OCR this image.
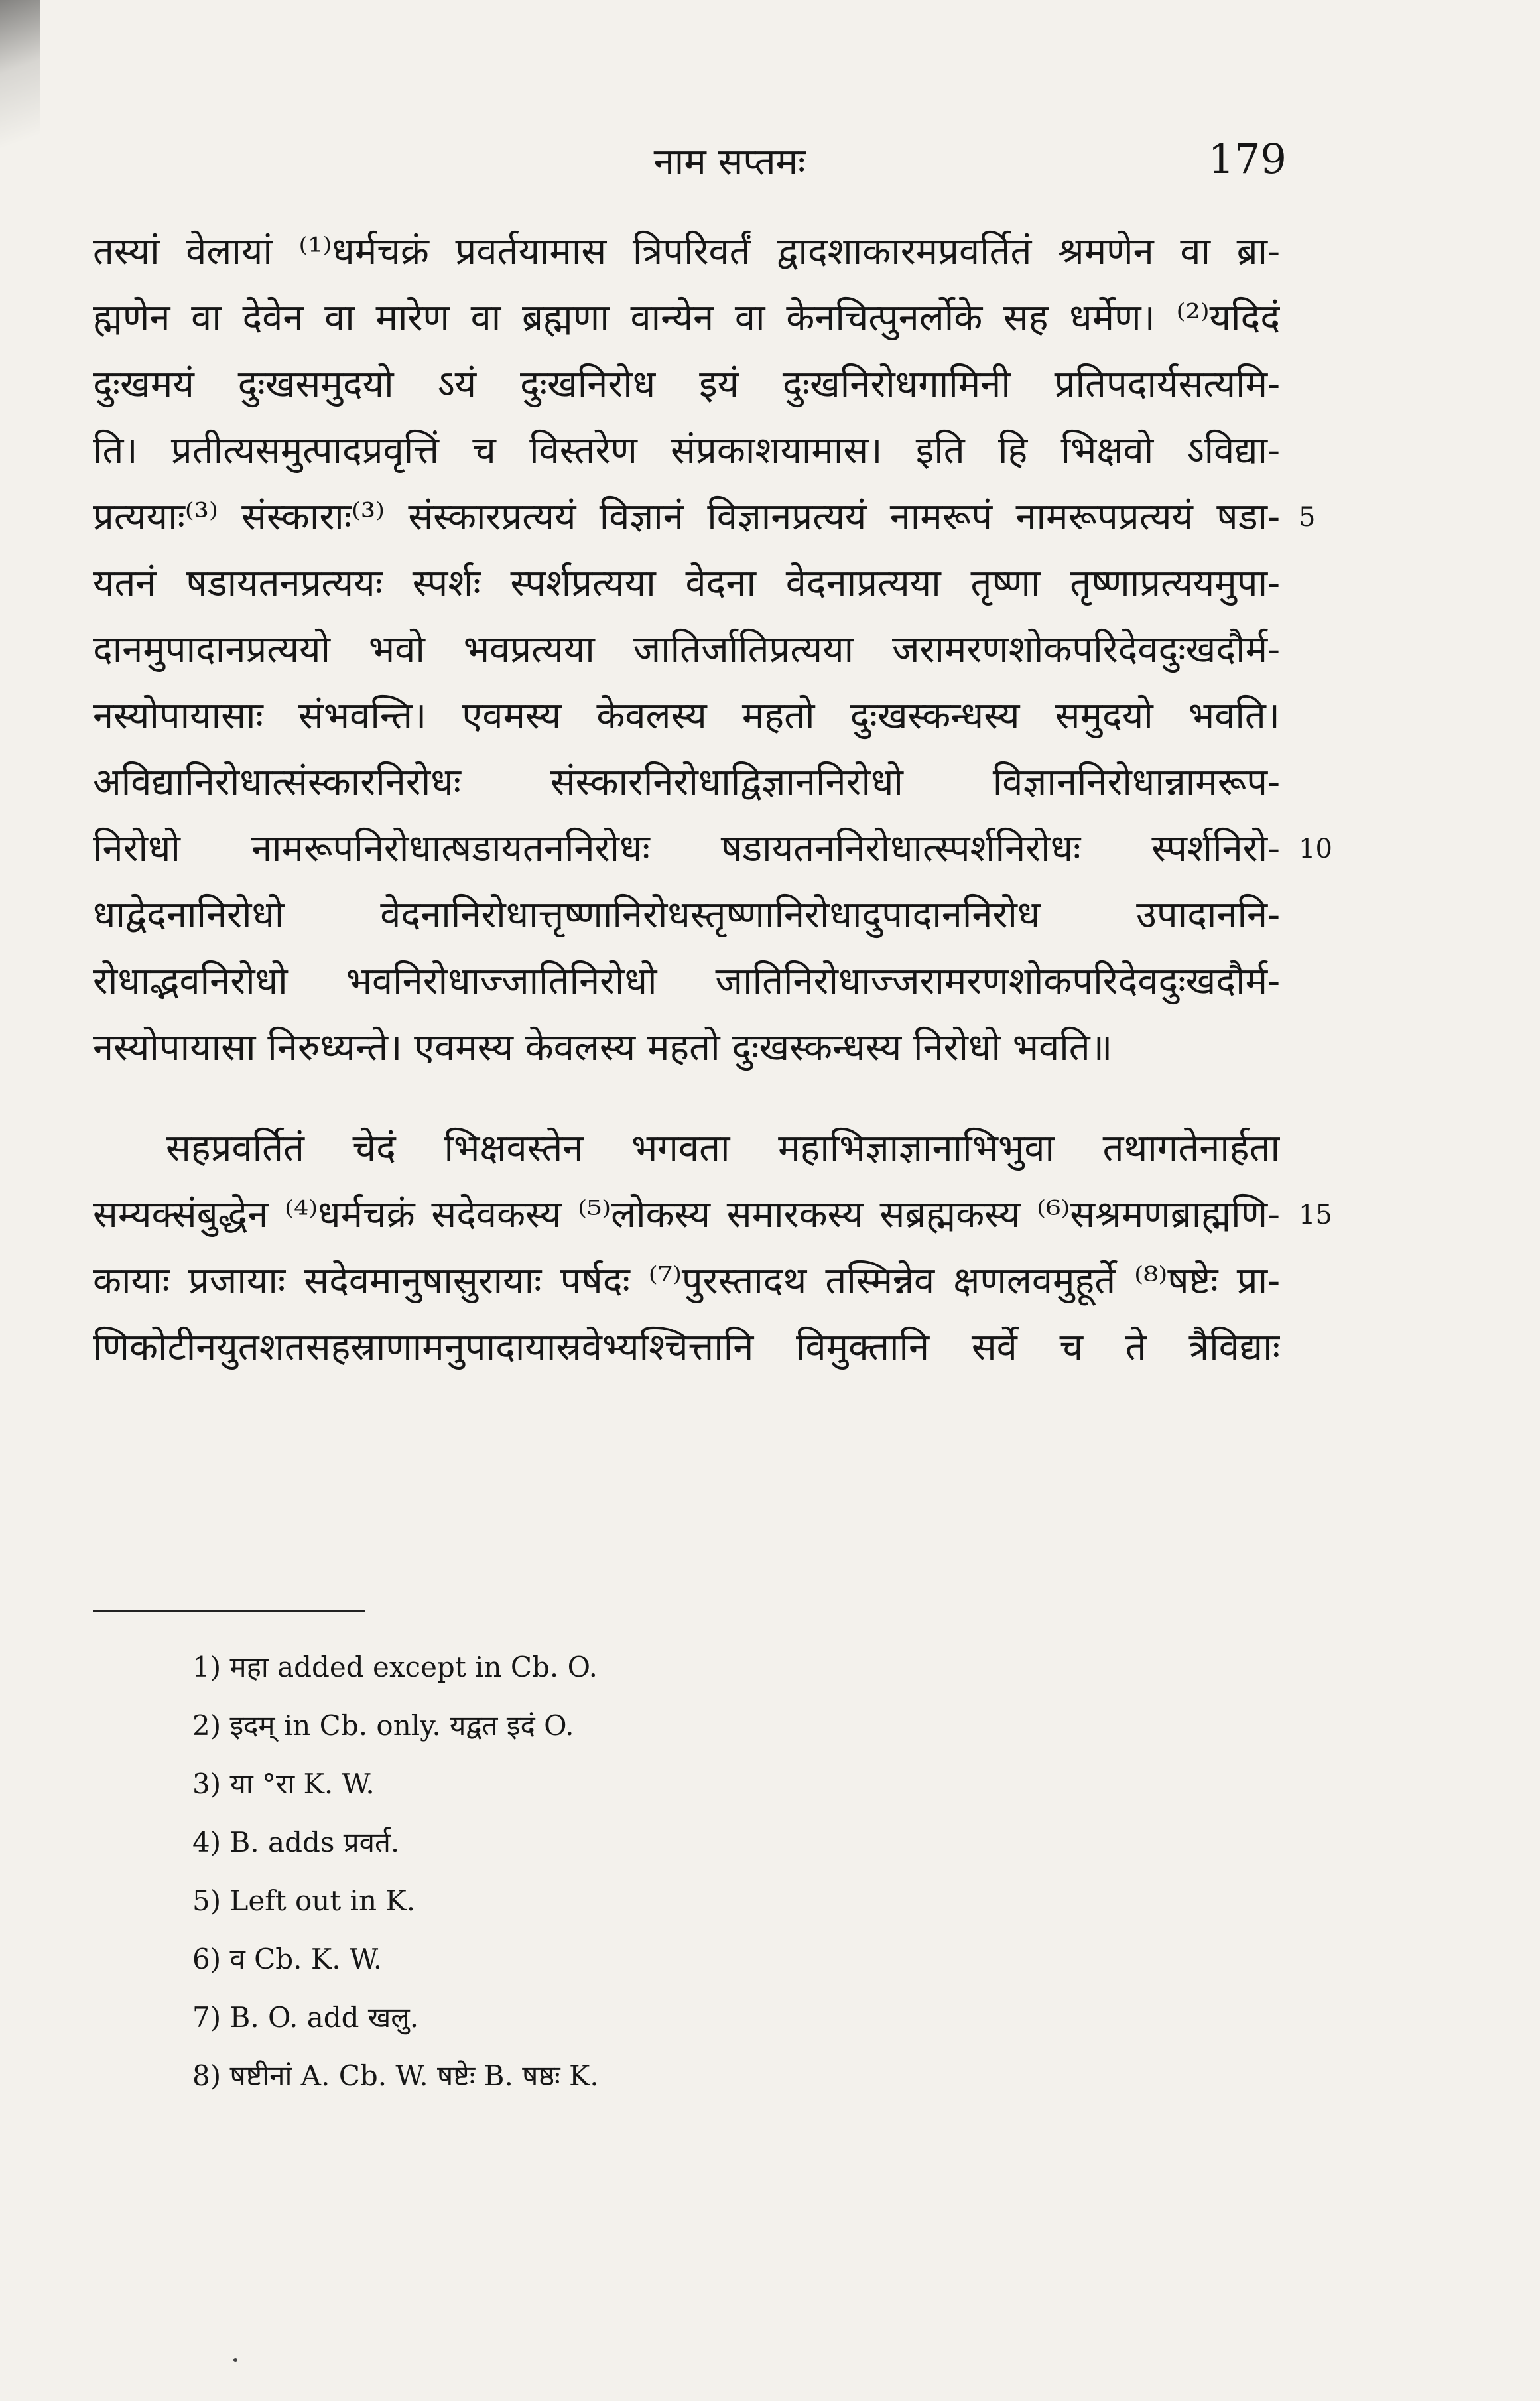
नाम सप्तमः	179
तस्यां वेलायां ⁽¹⁾धर्मचक्रं प्रवर्तयामास त्रिपरिवर्तं द्वादशाकारमप्रवर्तितं श्रमणेन वा ब्रा-
ह्मणेन वा देवेन वा मारेण वा ब्रह्मणा वान्येन वा केनचित्पुनर्लोके सह धर्मेण। ⁽²⁾यदिदं
दुःखमयं दुःखसमुदयो ऽयं दुःखनिरोध इयं दुःखनिरोधगामिनी प्रतिपदार्यसत्यमि-
ति। प्रतीत्यसमुत्पादप्रवृत्तिं च विस्तरेण संप्रकाशयामास। इति हि भिक्षवो ऽविद्या-
प्रत्ययाः⁽³⁾ संस्काराः⁽³⁾ संस्कारप्रत्ययं विज्ञानं विज्ञानप्रत्ययं नामरूपं नामरूपप्रत्ययं षडा-
यतनं षडायतनप्रत्ययः स्पर्शः स्पर्शप्रत्यया वेदना वेदनाप्रत्यया तृष्णा तृष्णाप्रत्ययमुपा-
दानमुपादानप्रत्ययो भवो भवप्रत्यया जातिर्जातिप्रत्यया जरामरणशोकपरिदेवदुःखदौर्म-
नस्योपायासाः संभवन्ति। एवमस्य केवलस्य महतो दुःखस्कन्धस्य समुदयो भवति।
अविद्यानिरोधात्संस्कारनिरोधः संस्कारनिरोधाद्विज्ञाननिरोधो विज्ञाननिरोधान्नामरूप-
निरोधो नामरूपनिरोधात्षडायतननिरोधः षडायतननिरोधात्स्पर्शनिरोधः स्पर्शनिरो-
धाद्वेदनानिरोधो वेदनानिरोधात्तृष्णानिरोधस्तृष्णानिरोधादुपादाननिरोध उपादाननि-
रोधाद्भवनिरोधो भवनिरोधाज्जातिनिरोधो जातिनिरोधाज्जरामरणशोकपरिदेवदुःखदौर्म-
नस्योपायासा निरुध्यन्ते। एवमस्य केवलस्य महतो दुःखस्कन्धस्य निरोधो भवति॥
सहप्रवर्तितं चेदं भिक्षवस्तेन भगवता महाभिज्ञाज्ञानाभिभुवा तथागतेनार्हता
सम्यक्संबुद्धेन ⁽⁴⁾धर्मचक्रं सदेवकस्य ⁽⁵⁾लोकस्य समारकस्य सब्रह्मकस्य ⁽⁶⁾सश्रमणब्राह्मणि-
कायाः प्रजायाः सदेवमानुषासुरायाः पर्षदः ⁽⁷⁾पुरस्तादथ तस्मिन्नेव क्षणलवमुहूर्ते ⁽⁸⁾षष्टेः प्रा-
णिकोटीनयुतशतसहस्राणामनुपादायास्रवेभ्यश्चित्तानि विमुक्तानि सर्वे च ते त्रैविद्याः
5
10
15
1) महा added except in Cb. O.
2) इदम् in Cb. only. यद्वत इदं O.
3) या °रा K. W.
4) B. adds प्रवर्त.
5) Left out in K.
6) व Cb. K. W.
7) B. O. add खलु.
8) षष्टीनां A. Cb. W. षष्टेः B. षष्ठः K.
